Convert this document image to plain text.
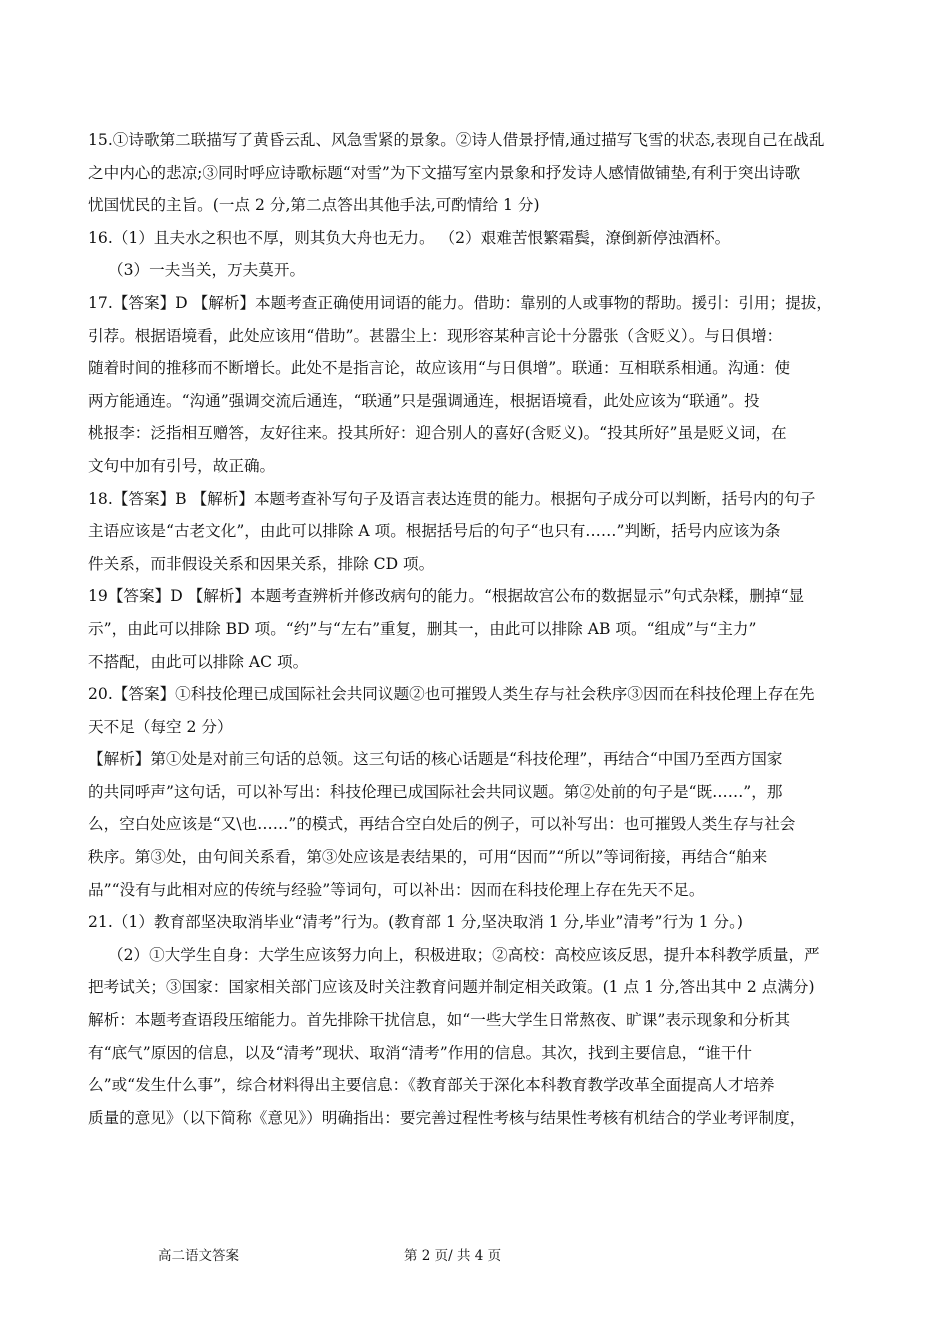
15.①诗歌第二联描写了黄昏云乱、风急雪紧的景象。②诗人借景抒情,通过描写飞雪的状态,表现自己在战乱

之中内心的悲凉;③同时呼应诗歌标题“对雪”为下文描写室内景象和抒发诗人感情做铺垫,有利于突出诗歌

忧国忧民的主旨。(一点 2 分,第二点答出其他手法,可酌情给 1 分)

16.（1）且夫水之积也不厚，则其负大舟也无力。 （2）艰难苦恨繁霜鬓，潦倒新停浊酒杯。

（3）一夫当关，万夫莫开。

17.【答案】D 【解析】本题考查正确使用词语的能力。借助：靠别的人或事物的帮助。援引：引用；提拔，

引荐。根据语境看，此处应该用“借助”。甚嚣尘上：现形容某种言论十分嚣张（含贬义）。与日俱增：

随着时间的推移而不断增长。此处不是指言论，故应该用“与日俱增”。联通：互相联系相通。沟通：使

两方能通连。“沟通”强调交流后通连，“联通”只是强调通连，根据语境看，此处应该为“联通”。投

桃报李：泛指相互赠答，友好往来。投其所好：迎合别人的喜好(含贬义)。“投其所好”虽是贬义词，在

文句中加有引号，故正确。

18.【答案】B 【解析】本题考查补写句子及语言表达连贯的能力。根据句子成分可以判断，括号内的句子

主语应该是“古老文化”，由此可以排除 A 项。根据括号后的句子“也只有……”判断，括号内应该为条

件关系，而非假设关系和因果关系，排除 CD 项。

19【答案】D 【解析】本题考查辨析并修改病句的能力。“根据故宫公布的数据显示”句式杂糅，删掉“显

示”，由此可以排除 BD 项。“约”与“左右”重复，删其一，由此可以排除 AB 项。“组成”与“主力”

不搭配，由此可以排除 AC 项。

20.【答案】①科技伦理已成国际社会共同议题②也可摧毁人类生存与社会秩序③因而在科技伦理上存在先

天不足（每空 2 分）

【解析】第①处是对前三句话的总领。这三句话的核心话题是“科技伦理”，再结合“中国乃至西方国家

的共同呼声”这句话，可以补写出：科技伦理已成国际社会共同议题。第②处前的句子是“既……”，那

么，空白处应该是“又\也……”的模式，再结合空白处后的例子，可以补写出：也可摧毁人类生存与社会

秩序。第③处，由句间关系看，第③处应该是表结果的，可用“因而”“所以”等词衔接，再结合“舶来

品”“没有与此相对应的传统与经验”等词句，可以补出：因而在科技伦理上存在先天不足。

21.（1）教育部坚决取消毕业“清考”行为。(教育部 1 分,坚决取消 1 分,毕业”清考”行为 1 分。)

（2）①大学生自身：大学生应该努力向上，积极进取；②高校：高校应该反思，提升本科教学质量，严

把考试关；③国家：国家相关部门应该及时关注教育问题并制定相关政策。(1 点 1 分,答出其中 2 点满分)

解析：本题考查语段压缩能力。首先排除干扰信息，如“一些大学生日常熬夜、旷课”表示现象和分析其

有“底气”原因的信息，以及“清考”现状、取消“清考”作用的信息。其次，找到主要信息，“谁干什

么”或“发生什么事”，综合材料得出主要信息：《教育部关于深化本科教育教学改革全面提高人才培养

质量的意见》（以下简称《意见》）明确指出：要完善过程性考核与结果性考核有机结合的学业考评制度，

高二语文答案	第 2 页/ 共 4 页
